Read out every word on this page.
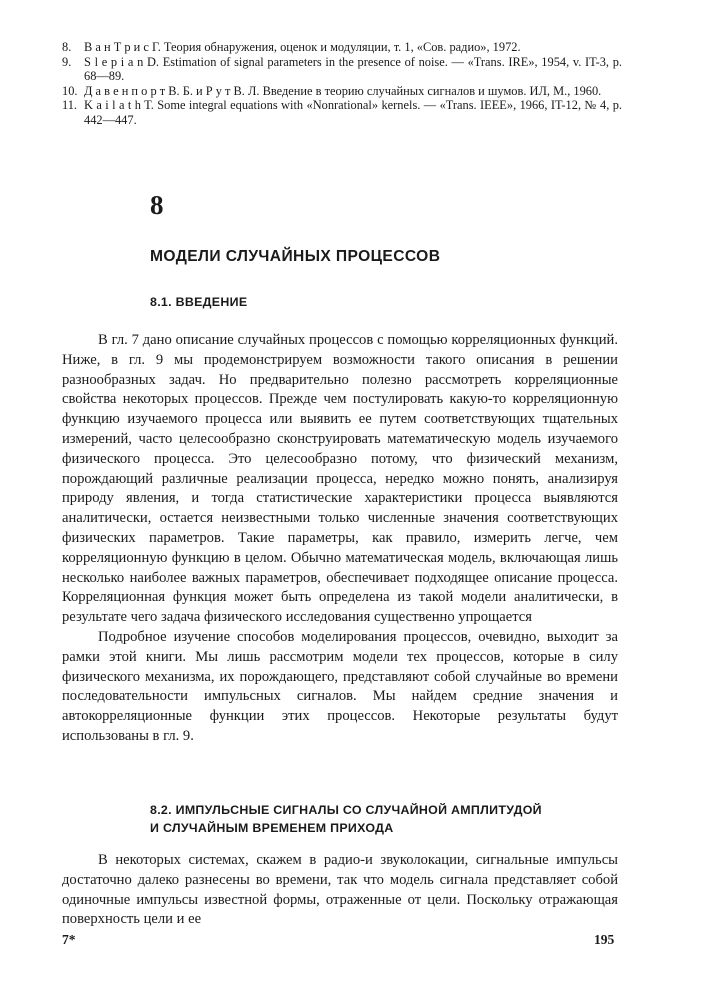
8. В а н Т р и с Г. Теория обнаружения, оценок и модуляции, т. 1, «Сов. радио», 1972.
9. S l e p i a n D. Estimation of signal parameters in the presence of noise. — «Trans. IRE», 1954, v. IT-3, p. 68—89.
10. Д а в е н п о р т В. Б. и Р у т В. Л. Введение в теорию случайных сигналов и шумов. ИЛ, М., 1960.
11. K a i l a t h T. Some integral equations with «Nonrational» kernels. — «Trans. IEEE», 1966, IT-12, № 4, p. 442—447.
8
МОДЕЛИ СЛУЧАЙНЫХ ПРОЦЕССОВ
8.1. ВВЕДЕНИЕ

В гл. 7 дано описание случайных процессов с помощью корреляционных функций. Ниже, в гл. 9 мы продемонстрируем возможности такого описания в решении разнообразных задач. Но предварительно полезно рассмотреть корреляционные свойства некоторых процессов. Прежде чем постулировать какую-то корреляционную функцию изучаемого процесса или выявить ее путем соответствующих тщательных измерений, часто целесообразно сконструировать математическую модель изучаемого физического процесса. Это целесообразно потому, что физический механизм, порождающий различные реализации процесса, нередко можно понять, анализируя природу явления, и тогда статистические характеристики процесса выявляются аналитически, остается неизвестными только численные значения соответствующих физических параметров. Такие параметры, как правило, измерить легче, чем корреляционную функцию в целом. Обычно математическая модель, включающая лишь несколько наиболее важных параметров, обеспечивает подходящее описание процесса. Корреляционная функция может быть определена из такой модели аналитически, в результате чего задача физического исследования существенно упрощается

Подробное изучение способов моделирования процессов, очевидно, выходит за рамки этой книги. Мы лишь рассмотрим модели тех процессов, которые в силу физического механизма, их порождающего, представляют собой случайные во времени последовательности импульсных сигналов. Мы найдем средние значения и автокорреляционные функции этих процессов. Некоторые результаты будут использованы в гл. 9.

8.2. ИМПУЛЬСНЫЕ СИГНАЛЫ СО СЛУЧАЙНОЙ АМПЛИТУДОЙ
И СЛУЧАЙНЫМ ВРЕМЕНЕМ ПРИХОДА

В некоторых системах, скажем в радио-и звуколокации, сигнальные импульсы достаточно далеко разнесены во времени, так что модель сигнала представляет собой одиночные импульсы известной формы, отраженные от цели. Поскольку отражающая поверхность цели и ее

7*	195
